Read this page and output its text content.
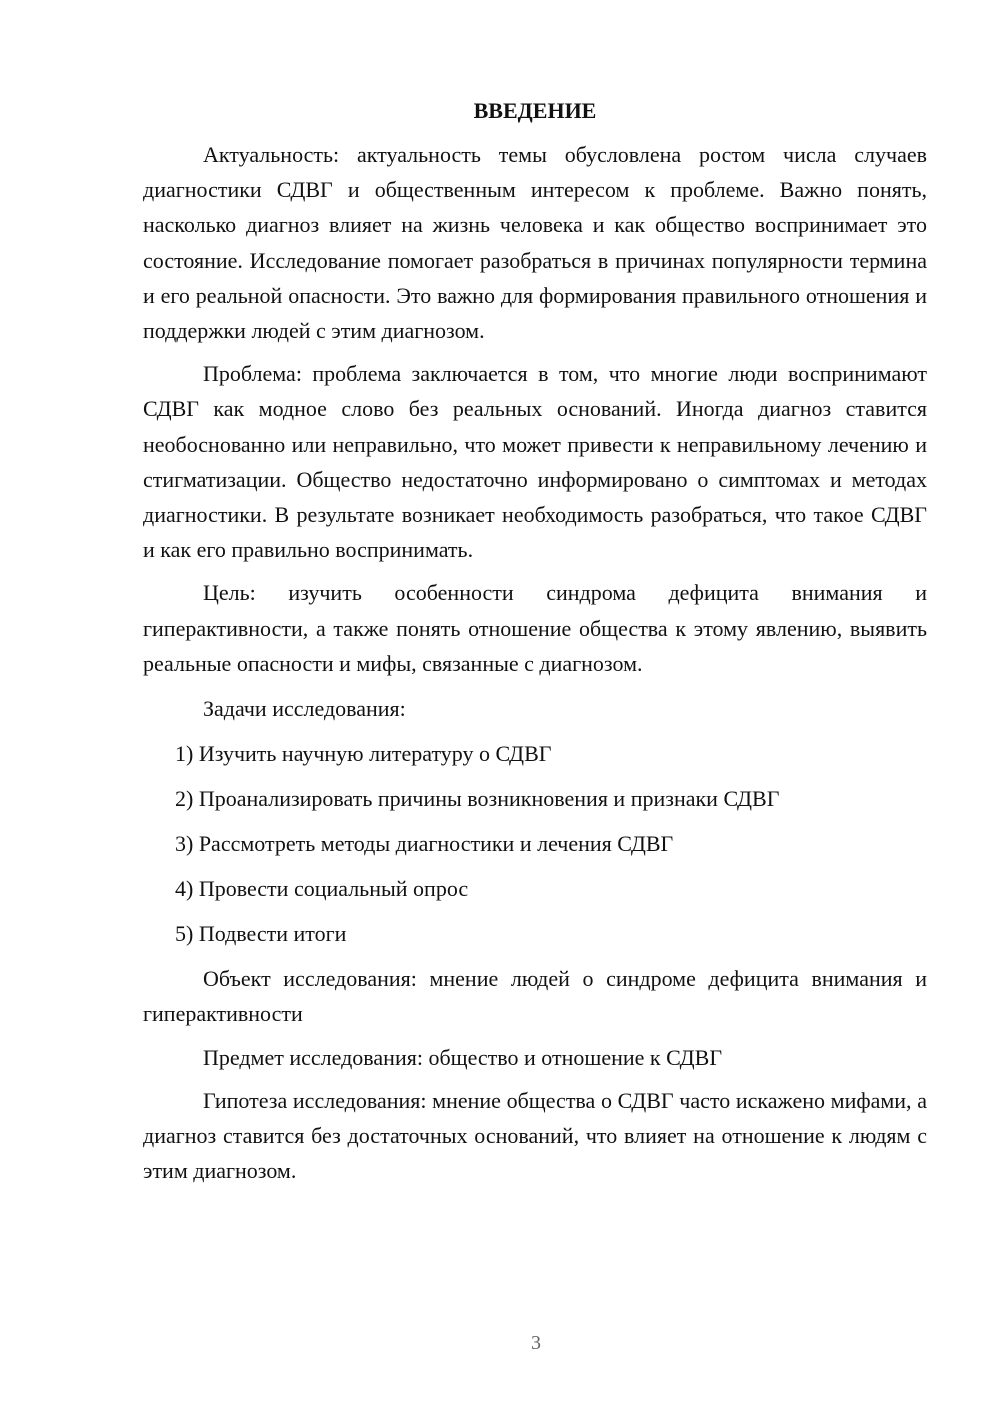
ВВЕДЕНИЕ

Актуальность: актуальность темы обусловлена ростом числа случаев диагностики СДВГ и общественным интересом к проблеме. Важно понять, насколько диагноз влияет на жизнь человека и как общество воспринимает это состояние. Исследование помогает разобраться в причинах популярности термина и его реальной опасности. Это важно для формирования правильного отношения и поддержки людей с этим диагнозом.

Проблема: проблема заключается в том, что многие люди воспринимают СДВГ как модное слово без реальных оснований. Иногда диагноз ставится необоснованно или неправильно, что может привести к неправильному лечению и стигматизации. Общество недостаточно информировано о симптомах и методах диагностики. В результате возникает необходимость разобраться, что такое СДВГ и как его правильно воспринимать.

Цель: изучить особенности синдрома дефицита внимания и гиперактивности, а также понять отношение общества к этому явлению, выявить реальные опасности и мифы, связанные с диагнозом.

Задачи исследования:

1) Изучить научную литературу о СДВГ
2) Проанализировать причины возникновения и признаки СДВГ
3) Рассмотреть методы диагностики и лечения СДВГ
4) Провести социальный опрос
5) Подвести итоги

Объект исследования: мнение людей о синдроме дефицита внимания и гиперактивности

Предмет исследования: общество и отношение к СДВГ

Гипотеза исследования: мнение общества о СДВГ часто искажено мифами, а диагноз ставится без достаточных оснований, что влияет на отношение к людям с этим диагнозом.

3
